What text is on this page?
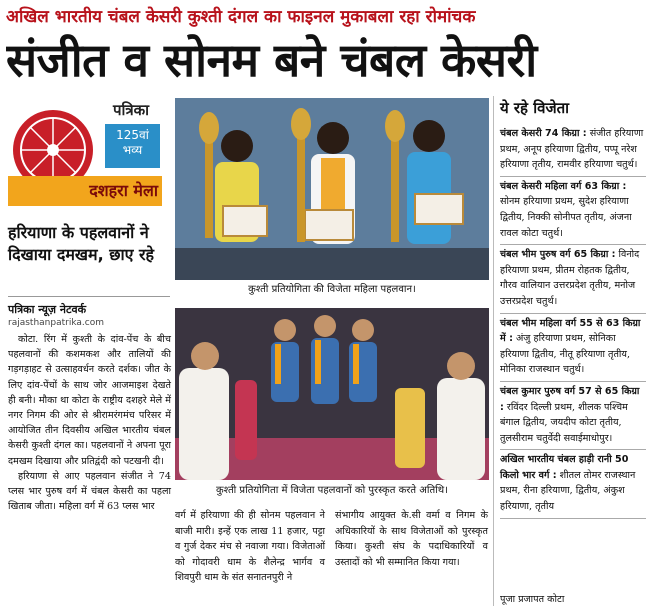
अखिल भारतीय चंबल केसरी कुश्ती दंगल का फाइनल मुकाबला रहा रोमांचक
संजीत व सोनम बने चंबल केसरी
पत्रिका
125वां
भव्य
दशहरा मेला
हरियाणा के पहलवानों ने दिखाया दमखम, छाए रहे
पत्रिका न्यूज़ नेटवर्क
rajasthanpatrika.com

कोटा. रिंग में कुश्ती के दांव-पेंच के बीच पहलवानों की कशमकश और तालियों की गड़गड़ाहट से उत्साहवर्धन करते दर्शक। जीत के लिए दांव-पेंचों के साथ जोर आजमाइश देखते ही बनी। मौका था कोटा के राष्ट्रीय दशहरे मेले में नगर निगम की ओर से श्रीरामरंगमंच परिसर में आयोजित तीन दिवसीय अखिल भारतीय चंबल केसरी कुश्ती दंगल का। पहलवानों ने अपना पूरा दमखम दिखाया और प्रतिद्वंदी को पटखनी दी।

हरियाणा से आए पहलवान संजीत ने 74 प्लस भार पुरुष वर्ग में चंबल केसरी का पहला खिताब जीता। महिला वर्ग में 63 प्लस भार

कुश्ती प्रतियोगिता की विजेता महिला पहलवान।
कुश्ती प्रतियोगिता में विजेता पहलवानों को पुरस्कृत करते अतिथि।
वर्ग में हरियाणा की ही सोनम पहलवान ने बाजी मारी। इन्हें एक लाख 11 हजार, पट्टा व गुर्ज देकर मंच से नवाजा गया। विजेताओं को गोदावरी धाम के शैलेन्द्र भार्गव व शिवपुरी धाम के संत सनातनपुरी ने
संभागीय आयुक्त के.सी वर्मा व निगम के अधिकारियों के साथ विजेताओं को पुरस्कृत किया। कुश्ती संघ के पदाधिकारियों व उस्तादों को भी सम्मानित किया गया।
ये रहे विजेता
चंबल केसरी 74 किग्रा : संजीत हरियाणा प्रथम, अनूप हरियाणा द्वितीय, पप्पू नरेश हरियाणा तृतीय, रामवीर हरियाणा चतुर्थ।
चंबल केसरी महिला वर्ग 63 किग्रा : सोनम हरियाणा प्रथम, सुदेश हरियाणा द्वितीय, निक्की सोनीपत तृतीय, अंजना रावल कोटा चतुर्थ।
चंबल भीम पुरुष वर्ग 65 किग्रा : विनोद हरियाणा प्रथम, प्रीतम रोहतक द्वितीय, गौरव वालियान उत्तरप्रदेश तृतीय, मनोज उत्तरप्रदेश चतुर्थ।
चंबल भीम महिला वर्ग 55 से 63 किग्रा में : अंजु हरियाणा प्रथम, सोनिका हरियाणा द्वितीय, नीतू हरियाणा तृतीय, मोनिका राजस्थान चतुर्थ।
चंबल कुमार पुरुष वर्ग 57 से 65 किग्रा : रविंदर दिल्ली प्रथम, शीलक पश्चिम बंगाल द्वितीय, जयदीप कोटा तृतीय, तुलसीराम चतुर्वेदी सवाईमाधोपुर।
अखिल भारतीय चंबल हाड़ी रानी 50 किलो भार वर्ग : शीतल तोमर राजस्थान प्रथम, रीना हरियाणा, द्वितीय, अंकुश हरियाणा, तृतीय
पूजा प्रजापत कोटा
